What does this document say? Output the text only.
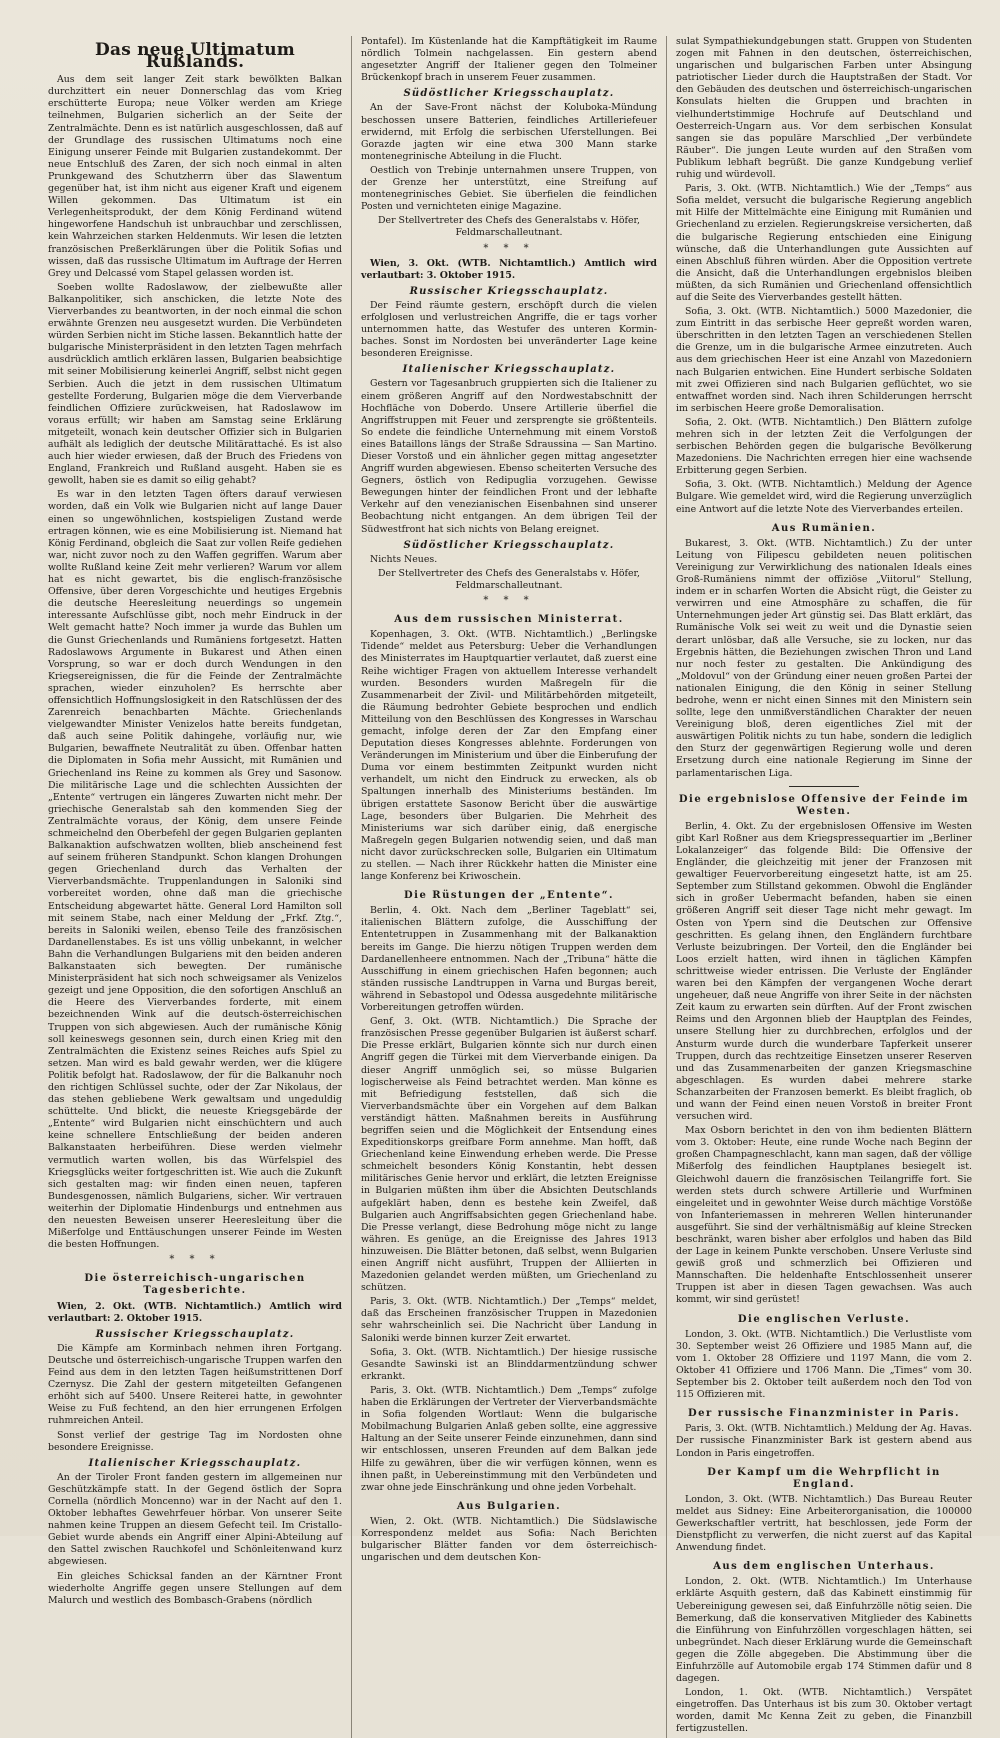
Das neue Ultimatum Rußlands.

Aus dem seit langer Zeit stark bewölkten Balkan durchzittert ein neuer Donnerschlag das vom Krieg erschütterte Europa; neue Völker werden am Kriege teilnehmen, Bulgarien sicherlich an der Seite der Zentralmächte. Denn es ist natürlich ausgeschlossen, daß auf der Grundlage des russischen Ultimatums noch eine Einigung unserer Feinde mit Bulgarien zustandekommt. Der neue Entschluß des Zaren, der sich noch einmal in alten Prunkgewand des Schutzherrn über das Slawentum gegenüber hat, ist ihm nicht aus eigener Kraft und eigenem Willen gekommen. Das Ultimatum ist ein Verlegenheitsprodukt, der dem König Ferdinand wütend hingeworfene Handschuh ist unbrauchbar und zerschlissen, kein Wahrzeichen starken Heldenmuts. Wir lesen die letzten französischen Preßerklärungen über die Politik Sofias und wissen, daß das russische Ultimatum im Auftrage der Herren Grey und Delcassé vom Stapel gelassen worden ist.

Soeben wollte Radoslawow, der zielbewußte aller Balkanpolitiker, sich anschicken, die letzte Note des Vierverbandes zu beantworten, in der noch einmal die schon erwähnte Grenzen neu ausgesetzt wurden. Die Verbündeten würden Serbien nicht im Stiche lassen. Bekanntlich hatte der bulgarische Ministerpräsident in den letzten Tagen mehrfach ausdrücklich amtlich erklären lassen, Bulgarien beabsichtige mit seiner Mobilisierung keinerlei Angriff, selbst nicht gegen Serbien. Auch die jetzt in dem russischen Ultimatum gestellte Forderung, Bulgarien möge die dem Vierverbande feindlichen Offiziere zurückweisen, hat Radoslawow im voraus erfüllt; wir haben am Samstag seine Erklärung mitgeteilt, wonach kein deutscher Offizier sich in Bulgarien aufhält als lediglich der deutsche Militärattaché. Es ist also auch hier wieder erwiesen, daß der Bruch des Friedens von England, Frankreich und Rußland ausgeht. Haben sie es gewollt, haben sie es damit so eilig gehabt?

Es war in den letzten Tagen öfters darauf verwiesen worden, daß ein Volk wie Bulgarien nicht auf lange Dauer einen so ungewöhnlichen, kostspieligen Zustand werde ertragen können, wie es eine Mobilisierung ist. Niemand hat König Ferdinand, obgleich die Saat zur vollen Reife gediehen war, nicht zuvor noch zu den Waffen gegriffen. Warum aber wollte Rußland keine Zeit mehr verlieren? Warum vor allem hat es nicht gewartet, bis die englisch-französische Offensive, über deren Vorgeschichte und heutiges Ergebnis die deutsche Heeresleitung neuerdings so ungemein interessante Aufschlüsse gibt, noch mehr Eindruck in der Welt gemacht hatte? Noch immer ja wurde das Buhlen um die Gunst Griechenlands und Rumäniens fortgesetzt. Hatten Radoslawows Argumente in Bukarest und Athen einen Vorsprung, so war er doch durch Wendungen in den Kriegsereignissen, die für die Feinde der Zentralmächte sprachen, wieder einzuholen? Es herrschte aber offensichtlich Hoffnungslosigkeit in den Ratschlüssen der des Zarenreich benachbarten Mächte. Griechenlands vielgewandter Minister Venizelos hatte bereits fundgetan, daß auch seine Politik dahingehe, vorläufig nur, wie Bulgarien, bewaffnete Neutralität zu üben. Offenbar hatten die Diplomaten in Sofia mehr Aussicht, mit Rumänien und Griechenland ins Reine zu kommen als Grey und Sasonow. Die militärische Lage und die schlechten Aussichten der „Entente“ vertrugen ein längeres Zuwarten nicht mehr. Der griechische Generalstab sah den kommenden Sieg der Zentralmächte voraus, der König, dem unsere Feinde schmeichelnd den Oberbefehl der gegen Bulgarien geplanten Balkanaktion aufschwatzen wollten, blieb anscheinend fest auf seinem früheren Standpunkt. Schon klangen Drohungen gegen Griechenland durch das Verhalten der Vierverbandsmächte. Truppenlandungen in Saloniki sind vorbereitet worden, ohne daß man die griechische Entscheidung abgewartet hätte. General Lord Hamilton soll mit seinem Stabe, nach einer Meldung der „Frkf. Ztg.“, bereits in Saloniki weilen, ebenso Teile des französischen Dardanellenstabes. Es ist uns völlig unbekannt, in welcher Bahn die Verhandlungen Bulgariens mit den beiden anderen Balkanstaaten sich bewegten. Der rumänische Ministerpräsident hat sich noch schweigsamer als Venizelos gezeigt und jene Opposition, die den sofortigen Anschluß an die Heere des Vierverbandes forderte, mit einem bezeichnenden Wink auf die deutsch-österreichischen Truppen von sich abgewiesen. Auch der rumänische König soll keineswegs gesonnen sein, durch einen Krieg mit den Zentralmächten die Existenz seines Reiches aufs Spiel zu setzen. Man wird es bald gewahr werden, wer die klügere Politik befolgt hat. Radoslawow, der für die Balkanuhr noch den richtigen Schlüssel suchte, oder der Zar Nikolaus, der das stehen gebliebene Werk gewaltsam und ungeduldig schüttelte. Und blickt, die neueste Kriegsgebärde der „Entente“ wird Bulgarien nicht einschüchtern und auch keine schnellere Entschließung der beiden anderen Balkanstaaten herbeiführen. Diese werden vielmehr vermutlich warten wollen, bis das Würfelspiel des Kriegsglücks weiter fortgeschritten ist. Wie auch die Zukunft sich gestalten mag: wir finden einen neuen, tapferen Bundesgenossen, nämlich Bulgariens, sicher. Wir vertrauen weiterhin der Diplomatie Hindenburgs und entnehmen aus den neuesten Beweisen unserer Heeresleitung über die Mißerfolge und Enttäuschungen unserer Feinde im Westen die besten Hoffnungen.

* * *
Die österreichisch-ungarischen Tagesberichte.

Wien, 2. Okt. (WTB. Nichtamtlich.) Amtlich wird verlautbart: 2. Oktober 1915.

Russischer Kriegsschauplatz.

Die Kämpfe am Korminbach nehmen ihren Fortgang. Deutsche und österreichisch-ungarische Truppen warfen den Feind aus dem in den letzten Tagen heißumstrittenen Dorf Czernysz. Die Zahl der gestern mitgeteilten Gefangenen erhöht sich auf 5400. Unsere Reiterei hatte, in gewohnter Weise zu Fuß fechtend, an den hier errungenen Erfolgen ruhmreichen Anteil.

Sonst verlief der gestrige Tag im Nordosten ohne besondere Ereignisse.

Italienischer Kriegsschauplatz.

An der Tiroler Front fanden gestern im allgemeinen nur Geschützkämpfe statt. In der Gegend östlich der Sopra Cornella (nördlich Moncenno) war in der Nacht auf den 1. Oktober lebhaftes Gewehrfeuer hörbar. Von unserer Seite nahmen keine Truppen an diesem Gefecht teil. Im Cristallo-Gebiet wurde abends ein Angriff einer Alpini-Abteilung auf den Sattel zwischen Rauchkofel und Schönleitenwand kurz abgewiesen.

Ein gleiches Schicksal fanden an der Kärntner Front wiederholte Angriffe gegen unsere Stellungen auf dem Malurch und westlich des Bombasch-Grabens (nördlich

Pontafel). Im Küstenlande hat die Kampftätigkeit im Raume nördlich Tolmein nachgelassen. Ein gestern abend angesetzter Angriff der Italiener gegen den Tolmeiner Brückenkopf brach in unserem Feuer zusammen.

Südöstlicher Kriegsschauplatz.

An der Save-Front nächst der Koluboka-Mündung beschossen unsere Batterien, feindliches Artilleriefeuer erwidernd, mit Erfolg die serbischen Uferstellungen. Bei Gorazde jagten wir eine etwa 300 Mann starke montenegrinische Abteilung in die Flucht.

Oestlich von Trebinje unternahmen unsere Truppen, von der Grenze her unterstützt, eine Streifung auf montenegrinisches Gebiet. Sie überfielen die feindlichen Posten und vernichteten einige Magazine.

Der Stellvertreter des Chefs des Generalstabs v. Höfer, Feldmarschalleutnant.
* * *

Wien, 3. Okt. (WTB. Nichtamtlich.) Amtlich wird verlautbart: 3. Oktober 1915.

Russischer Kriegsschauplatz.

Der Feind räumte gestern, erschöpft durch die vielen erfolglosen und verlustreichen Angriffe, die er tags vorher unternommen hatte, das Westufer des unteren Kormin-baches. Sonst im Nordosten bei unveränderter Lage keine besonderen Ereignisse.

Italienischer Kriegsschauplatz.

Gestern vor Tagesanbruch gruppierten sich die Italiener zu einem größeren Angriff auf den Nordwestabschnitt der Hochfläche von Doberdo. Unsere Artillerie überfiel die Angriffstruppen mit Feuer und zersprengte sie größtenteils. So endete die feindliche Unternehmung mit einem Vorstoß eines Bataillons längs der Straße Sdraussina — San Martino. Dieser Vorstoß und ein ähnlicher gegen mittag angesetzter Angriff wurden abgewiesen. Ebenso scheiterten Versuche des Gegners, östlich von Redipuglia vorzugehen. Gewisse Bewegungen hinter der feindlichen Front und der lebhafte Verkehr auf den venezianischen Eisenbahnen sind unserer Beobachtung nicht entgangen. An dem übrigen Teil der Südwestfront hat sich nichts von Belang ereignet.

Südöstlicher Kriegsschauplatz.

Nichts Neues.

Der Stellvertreter des Chefs des Generalstabs v. Höfer, Feldmarschalleutnant.
* * *
Aus dem russischen Ministerrat.

Kopenhagen, 3. Okt. (WTB. Nichtamtlich.) „Berlingske Tidende“ meldet aus Petersburg: Ueber die Verhandlungen des Ministerrates im Hauptquartier verlautet, daß zuerst eine Reihe wichtiger Fragen von aktuellem Interesse verhandelt wurden. Besonders wurden Maßregeln für die Zusammenarbeit der Zivil- und Militärbehörden mitgeteilt, die Räumung bedrohter Gebiete besprochen und endlich Mitteilung von den Beschlüssen des Kongresses in Warschau gemacht, infolge deren der Zar den Empfang einer Deputation dieses Kongresses ablehnte. Forderungen von Veränderungen im Ministerium und über die Einberufung der Duma vor einem bestimmten Zeitpunkt wurden nicht verhandelt, um nicht den Eindruck zu erwecken, als ob Spaltungen innerhalb des Ministeriums beständen. Im übrigen erstattete Sasonow Bericht über die auswärtige Lage, besonders über Bulgarien. Die Mehrheit des Ministeriums war sich darüber einig, daß energische Maßregeln gegen Bulgarien notwendig seien, und daß man nicht davor zurückschrecken solle, Bulgarien ein Ultimatum zu stellen. — Nach ihrer Rückkehr hatten die Minister eine lange Konferenz bei Kriwoschein.

Die Rüstungen der „Entente“.

Berlin, 4. Okt. Nach dem „Berliner Tageblatt“ sei, italienischen Blättern zufolge, die Ausschiffung der Ententetruppen in Zusammenhang mit der Balkanaktion bereits im Gange. Die hierzu nötigen Truppen werden dem Dardanellenheere entnommen. Nach der „Tribuna“ hätte die Ausschiffung in einem griechischen Hafen begonnen; auch ständen russische Landtruppen in Varna und Burgas bereit, während in Sebastopol und Odessa ausgedehnte militärische Vorbereitungen getroffen würden.

Genf, 3. Okt. (WTB. Nichtamtlich.) Die Sprache der französischen Presse gegenüber Bulgarien ist äußerst scharf. Die Presse erklärt, Bulgarien könnte sich nur durch einen Angriff gegen die Türkei mit dem Vierverbande einigen. Da dieser Angriff unmöglich sei, so müsse Bulgarien logischerweise als Feind betrachtet werden. Man könne es mit Befriedigung feststellen, daß sich die Vierverbandsmächte über ein Vorgehen auf dem Balkan verständigt hätten. Maßnahmen bereits in Ausführung begriffen seien und die Möglichkeit der Entsendung eines Expeditionskorps greifbare Form annehme. Man hofft, daß Griechenland keine Einwendung erheben werde. Die Presse schmeichelt besonders König Konstantin, hebt dessen militärisches Genie hervor und erklärt, die letzten Ereignisse in Bulgarien müßten ihm über die Absichten Deutschlands aufgeklärt haben, denn es bestehe kein Zweifel, daß Bulgarien auch Angriffsabsichten gegen Griechenland habe. Die Presse verlangt, diese Bedrohung möge nicht zu lange währen. Es genüge, an die Ereignisse des Jahres 1913 hinzuweisen. Die Blätter betonen, daß selbst, wenn Bulgarien einen Angriff nicht ausführt, Truppen der Alliierten in Mazedonien gelandet werden müßten, um Griechenland zu schützen.

Paris, 3. Okt. (WTB. Nichtamtlich.) Der „Temps“ meldet, daß das Erscheinen französischer Truppen in Mazedonien sehr wahrscheinlich sei. Die Nachricht über Landung in Saloniki werde binnen kurzer Zeit erwartet.

Sofia, 3. Okt. (WTB. Nichtamtlich.) Der hiesige russische Gesandte Sawinski ist an Blinddarmentzündung schwer erkrankt.

Paris, 3. Okt. (WTB. Nichtamtlich.) Dem „Temps“ zufolge haben die Erklärungen der Vertreter der Vierverbandsmächte in Sofia folgenden Wortlaut: Wenn die bulgarische Mobilmachung Bulgarien Anlaß geben sollte, eine aggressive Haltung an der Seite unserer Feinde einzunehmen, dann sind wir entschlossen, unseren Freunden auf dem Balkan jede Hilfe zu gewähren, über die wir verfügen können, wenn es ihnen paßt, in Uebereinstimmung mit den Verbündeten und zwar ohne jede Einschränkung und ohne jeden Vorbehalt.

Aus Bulgarien.

Wien, 2. Okt. (WTB. Nichtamtlich.) Die Südslawische Korrespondenz meldet aus Sofia: Nach Berichten bulgarischer Blätter fanden vor dem österreichisch-ungarischen und dem deutschen Kon-

sulat Sympathiekundgebungen statt. Gruppen von Studenten zogen mit Fahnen in den deutschen, österreichischen, ungarischen und bulgarischen Farben unter Absingung patriotischer Lieder durch die Hauptstraßen der Stadt. Vor den Gebäuden des deutschen und österreichisch-ungarischen Konsulats hielten die Gruppen und brachten in vielhundertstimmige Hochrufe auf Deutschland und Oesterreich-Ungarn aus. Vor dem serbischen Konsulat sangen sie das populäre Marschlied „Der verbündete Räuber“. Die jungen Leute wurden auf den Straßen vom Publikum lebhaft begrüßt. Die ganze Kundgebung verlief ruhig und würdevoll.

Paris, 3. Okt. (WTB. Nichtamtlich.) Wie der „Temps“ aus Sofia meldet, versucht die bulgarische Regierung angeblich mit Hilfe der Mittelmächte eine Einigung mit Rumänien und Griechenland zu erzielen. Regierungskreise versicherten, daß die bulgarische Regierung entschieden eine Einigung wünsche, daß die Unterhandlungen gute Aussichten auf einen Abschluß führen würden. Aber die Opposition vertrete die Ansicht, daß die Unterhandlungen ergebnislos bleiben müßten, da sich Rumänien und Griechenland offensichtlich auf die Seite des Vierverbandes gestellt hätten.

Sofia, 3. Okt. (WTB. Nichtamtlich.) 5000 Mazedonier, die zum Eintritt in das serbische Heer gepreßt worden waren, überschritten in den letzten Tagen an verschiedenen Stellen die Grenze, um in die bulgarische Armee einzutreten. Auch aus dem griechischen Heer ist eine Anzahl von Mazedoniern nach Bulgarien entwichen. Eine Hundert serbische Soldaten mit zwei Offizieren sind nach Bulgarien geflüchtet, wo sie entwaffnet worden sind. Nach ihren Schilderungen herrscht im serbischen Heere große Demoralisation.

Sofia, 2. Okt. (WTB. Nichtamtlich.) Den Blättern zufolge mehren sich in der letzten Zeit die Verfolgungen der serbischen Behörden gegen die bulgarische Bevölkerung Mazedoniens. Die Nachrichten erregen hier eine wachsende Erbitterung gegen Serbien.

Sofia, 3. Okt. (WTB. Nichtamtlich.) Meldung der Agence Bulgare. Wie gemeldet wird, wird die Regierung unverzüglich eine Antwort auf die letzte Note des Vierverbandes erteilen.

Aus Rumänien.

Bukarest, 3. Okt. (WTB. Nichtamtlich.) Zu der unter Leitung von Filipescu gebildeten neuen politischen Vereinigung zur Verwirklichung des nationalen Ideals eines Groß-Rumäniens nimmt der offiziöse „Viitorul“ Stellung, indem er in scharfen Worten die Absicht rügt, die Geister zu verwirren und eine Atmosphäre zu schaffen, die für Unternehmungen jeder Art günstig sei. Das Blatt erklärt, das Rumänische Volk sei weit zu weit und die Dynastie seien derart unlösbar, daß alle Versuche, sie zu locken, nur das Ergebnis hätten, die Beziehungen zwischen Thron und Land nur noch fester zu gestalten. Die Ankündigung des „Moldovul“ von der Gründung einer neuen großen Partei der nationalen Einigung, die den König in seiner Stellung bedrohe, wenn er nicht einen Sinnes mit den Ministern sein sollte, lege den unmißverständlichen Charakter der neuen Vereinigung bloß, deren eigentliches Ziel mit der auswärtigen Politik nichts zu tun habe, sondern die lediglich den Sturz der gegenwärtigen Regierung wolle und deren Ersetzung durch eine nationale Regierung im Sinne der parlamentarischen Liga.

Die ergebnislose Offensive der Feinde im Westen.

Berlin, 4. Okt. Zu der ergebnislosen Offensive im Westen gibt Karl Roßner aus dem Kriegspressequartier im „Berliner Lokalanzeiger“ das folgende Bild: Die Offensive der Engländer, die gleichzeitig mit jener der Franzosen mit gewaltiger Feuervorbereitung eingesetzt hatte, ist am 25. September zum Stillstand gekommen. Obwohl die Engländer sich in großer Uebermacht befanden, haben sie einen größeren Angriff seit dieser Tage nicht mehr gewagt. Im Osten von Ypern sind die Deutschen zur Offensive geschritten. Es gelang ihnen, den Engländern furchtbare Verluste beizubringen. Der Vorteil, den die Engländer bei Loos erzielt hatten, wird ihnen in täglichen Kämpfen schrittweise wieder entrissen. Die Verluste der Engländer waren bei den Kämpfen der vergangenen Woche derart ungeheuer, daß neue Angriffe von ihrer Seite in der nächsten Zeit kaum zu erwarten sein dürften. Auf der Front zwischen Reims und den Argonnen blieb der Hauptplan des Feindes, unsere Stellung hier zu durchbrechen, erfolglos und der Ansturm wurde durch die wunderbare Tapferkeit unserer Truppen, durch das rechtzeitige Einsetzen unserer Reserven und das Zusammenarbeiten der ganzen Kriegsmaschine abgeschlagen. Es wurden dabei mehrere starke Schanzarbeiten der Franzosen bemerkt. Es bleibt fraglich, ob und wann der Feind einen neuen Vorstoß in breiter Front versuchen wird.

Max Osborn berichtet in den von ihm bedienten Blättern vom 3. Oktober: Heute, eine runde Woche nach Beginn der großen Champagneschlacht, kann man sagen, daß der völlige Mißerfolg des feindlichen Hauptplanes besiegelt ist. Gleichwohl dauern die französischen Teilangriffe fort. Sie werden stets durch schwere Artillerie und Wurfminen eingeleitet und in gewohnter Weise durch mächtige Vorstöße von Infanteriemassen in mehreren Wellen hinterunander ausgeführt. Sie sind der verhältnismäßig auf kleine Strecken beschränkt, waren bisher aber erfolglos und haben das Bild der Lage in keinem Punkte verschoben. Unsere Verluste sind gewiß groß und schmerzlich bei Offizieren und Mannschaften. Die heldenhafte Entschlossenheit unserer Truppen ist aber in diesen Tagen gewachsen. Was auch kommt, wir sind gerüstet!

Die englischen Verluste.

London, 3. Okt. (WTB. Nichtamtlich.) Die Verlustliste vom 30. September weist 26 Offiziere und 1985 Mann auf, die vom 1. Oktober 28 Offiziere und 1197 Mann, die vom 2. Oktober 41 Offiziere und 1706 Mann. Die „Times“ vom 30. September bis 2. Oktober teilt außerdem noch den Tod von 115 Offizieren mit.

Der russische Finanzminister in Paris.

Paris, 3. Okt. (WTB. Nichtamtlich.) Meldung der Ag. Havas. Der russische Finanzminister Bark ist gestern abend aus London in Paris eingetroffen.

Der Kampf um die Wehrpflicht in England.

London, 3. Okt. (WTB. Nichtamtlich.) Das Bureau Reuter meldet aus Sidney: Eine Arbeiterorganisation, die 100000 Gewerkschaftler vertritt, hat beschlossen, jede Form der Dienstpflicht zu verwerfen, die nicht zuerst auf das Kapital Anwendung findet.

Aus dem englischen Unterhaus.

London, 2. Okt. (WTB. Nichtamtlich.) Im Unterhause erklärte Asquith gestern, daß das Kabinett einstimmig für Uebereinigung gewesen sei, daß Einfuhrzölle nötig seien. Die Bemerkung, daß die konservativen Mitglieder des Kabinetts die Einführung von Einfuhrzöllen vorgeschlagen hätten, sei unbegründet. Nach dieser Erklärung wurde die Gemeinschaft gegen die Zölle abgegeben. Die Abstimmung über die Einfuhrzölle auf Automobile ergab 174 Stimmen dafür und 8 dagegen.

London, 1. Okt. (WTB. Nichtamtlich.) Verspätet eingetroffen. Das Unterhaus ist bis zum 30. Oktober vertagt worden, damit Mc Kenna Zeit zu geben, die Finanzbill fertigzustellen.
